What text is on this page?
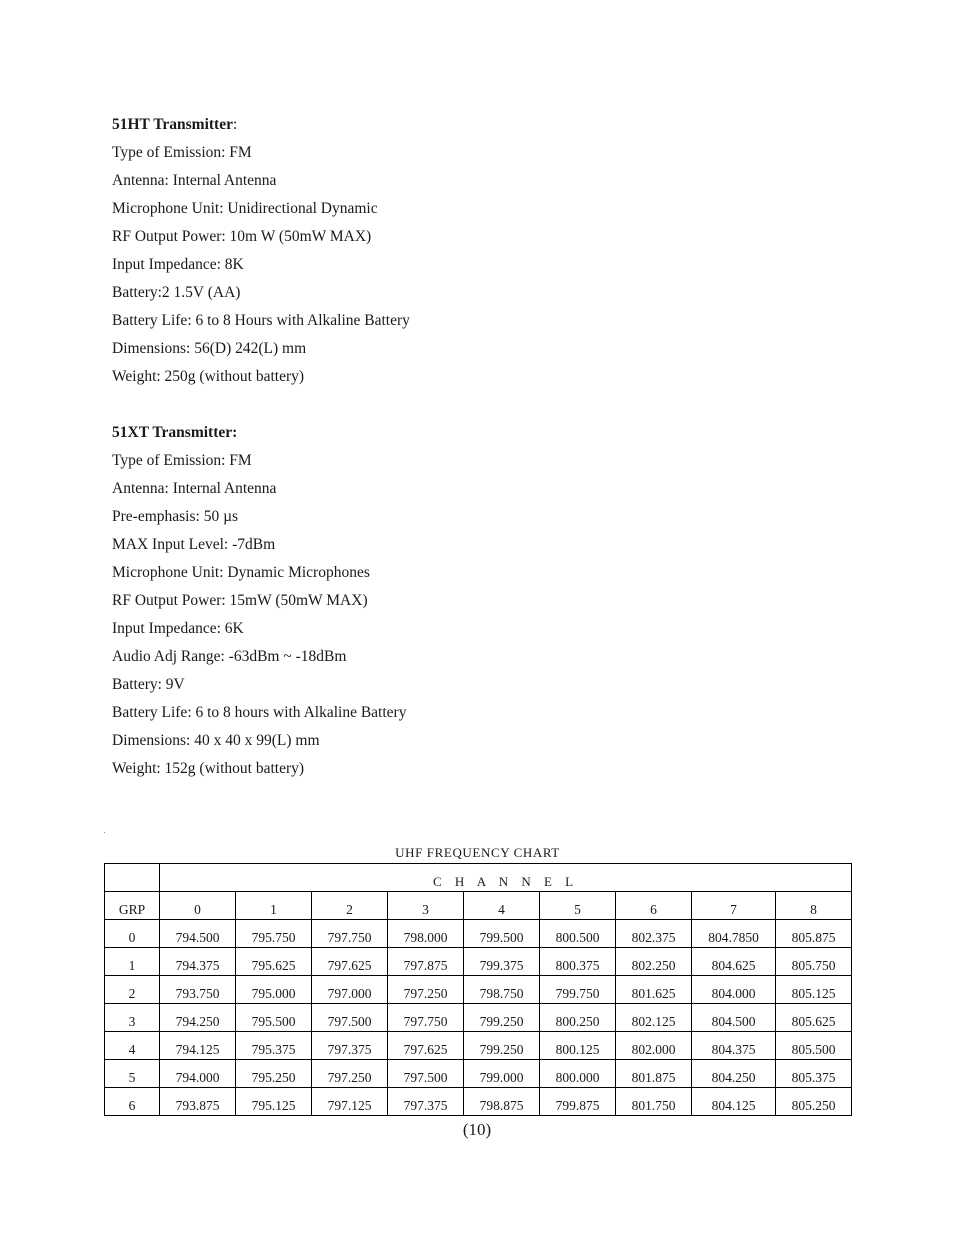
51HT Transmitter:
Type of Emission: FM
Antenna: Internal Antenna
Microphone Unit: Unidirectional Dynamic
RF Output Power: 10m W (50mW MAX)
Input Impedance: 8K
Battery:2 1.5V (AA)
Battery Life: 6 to 8 Hours with Alkaline Battery
Dimensions: 56(D) 242(L) mm
Weight: 250g (without battery)
51XT Transmitter:
Type of Emission: FM
Antenna: Internal Antenna
Pre-emphasis: 50 µs
MAX Input Level: -7dBm
Microphone Unit: Dynamic Microphones
RF Output Power: 15mW (50mW MAX)
Input Impedance: 6K
Audio Adj Range: -63dBm ~ -18dBm
Battery: 9V
Battery Life: 6 to 8 hours with Alkaline Battery
Dimensions: 40 x 40 x 99(L) mm
Weight: 152g (without battery)
UHF FREQUENCY CHART
	C H A N N E L								
GRP	0	1	2	3	4	5	6	7	8
0	794.500	795.750	797.750	798.000	799.500	800.500	802.375	804.7850	805.875
1	794.375	795.625	797.625	797.875	799.375	800.375	802.250	804.625	805.750
2	793.750	795.000	797.000	797.250	798.750	799.750	801.625	804.000	805.125
3	794.250	795.500	797.500	797.750	799.250	800.250	802.125	804.500	805.625
4	794.125	795.375	797.375	797.625	799.250	800.125	802.000	804.375	805.500
5	794.000	795.250	797.250	797.500	799.000	800.000	801.875	804.250	805.375
6	793.875	795.125	797.125	797.375	798.875	799.875	801.750	804.125	805.250
(10)
